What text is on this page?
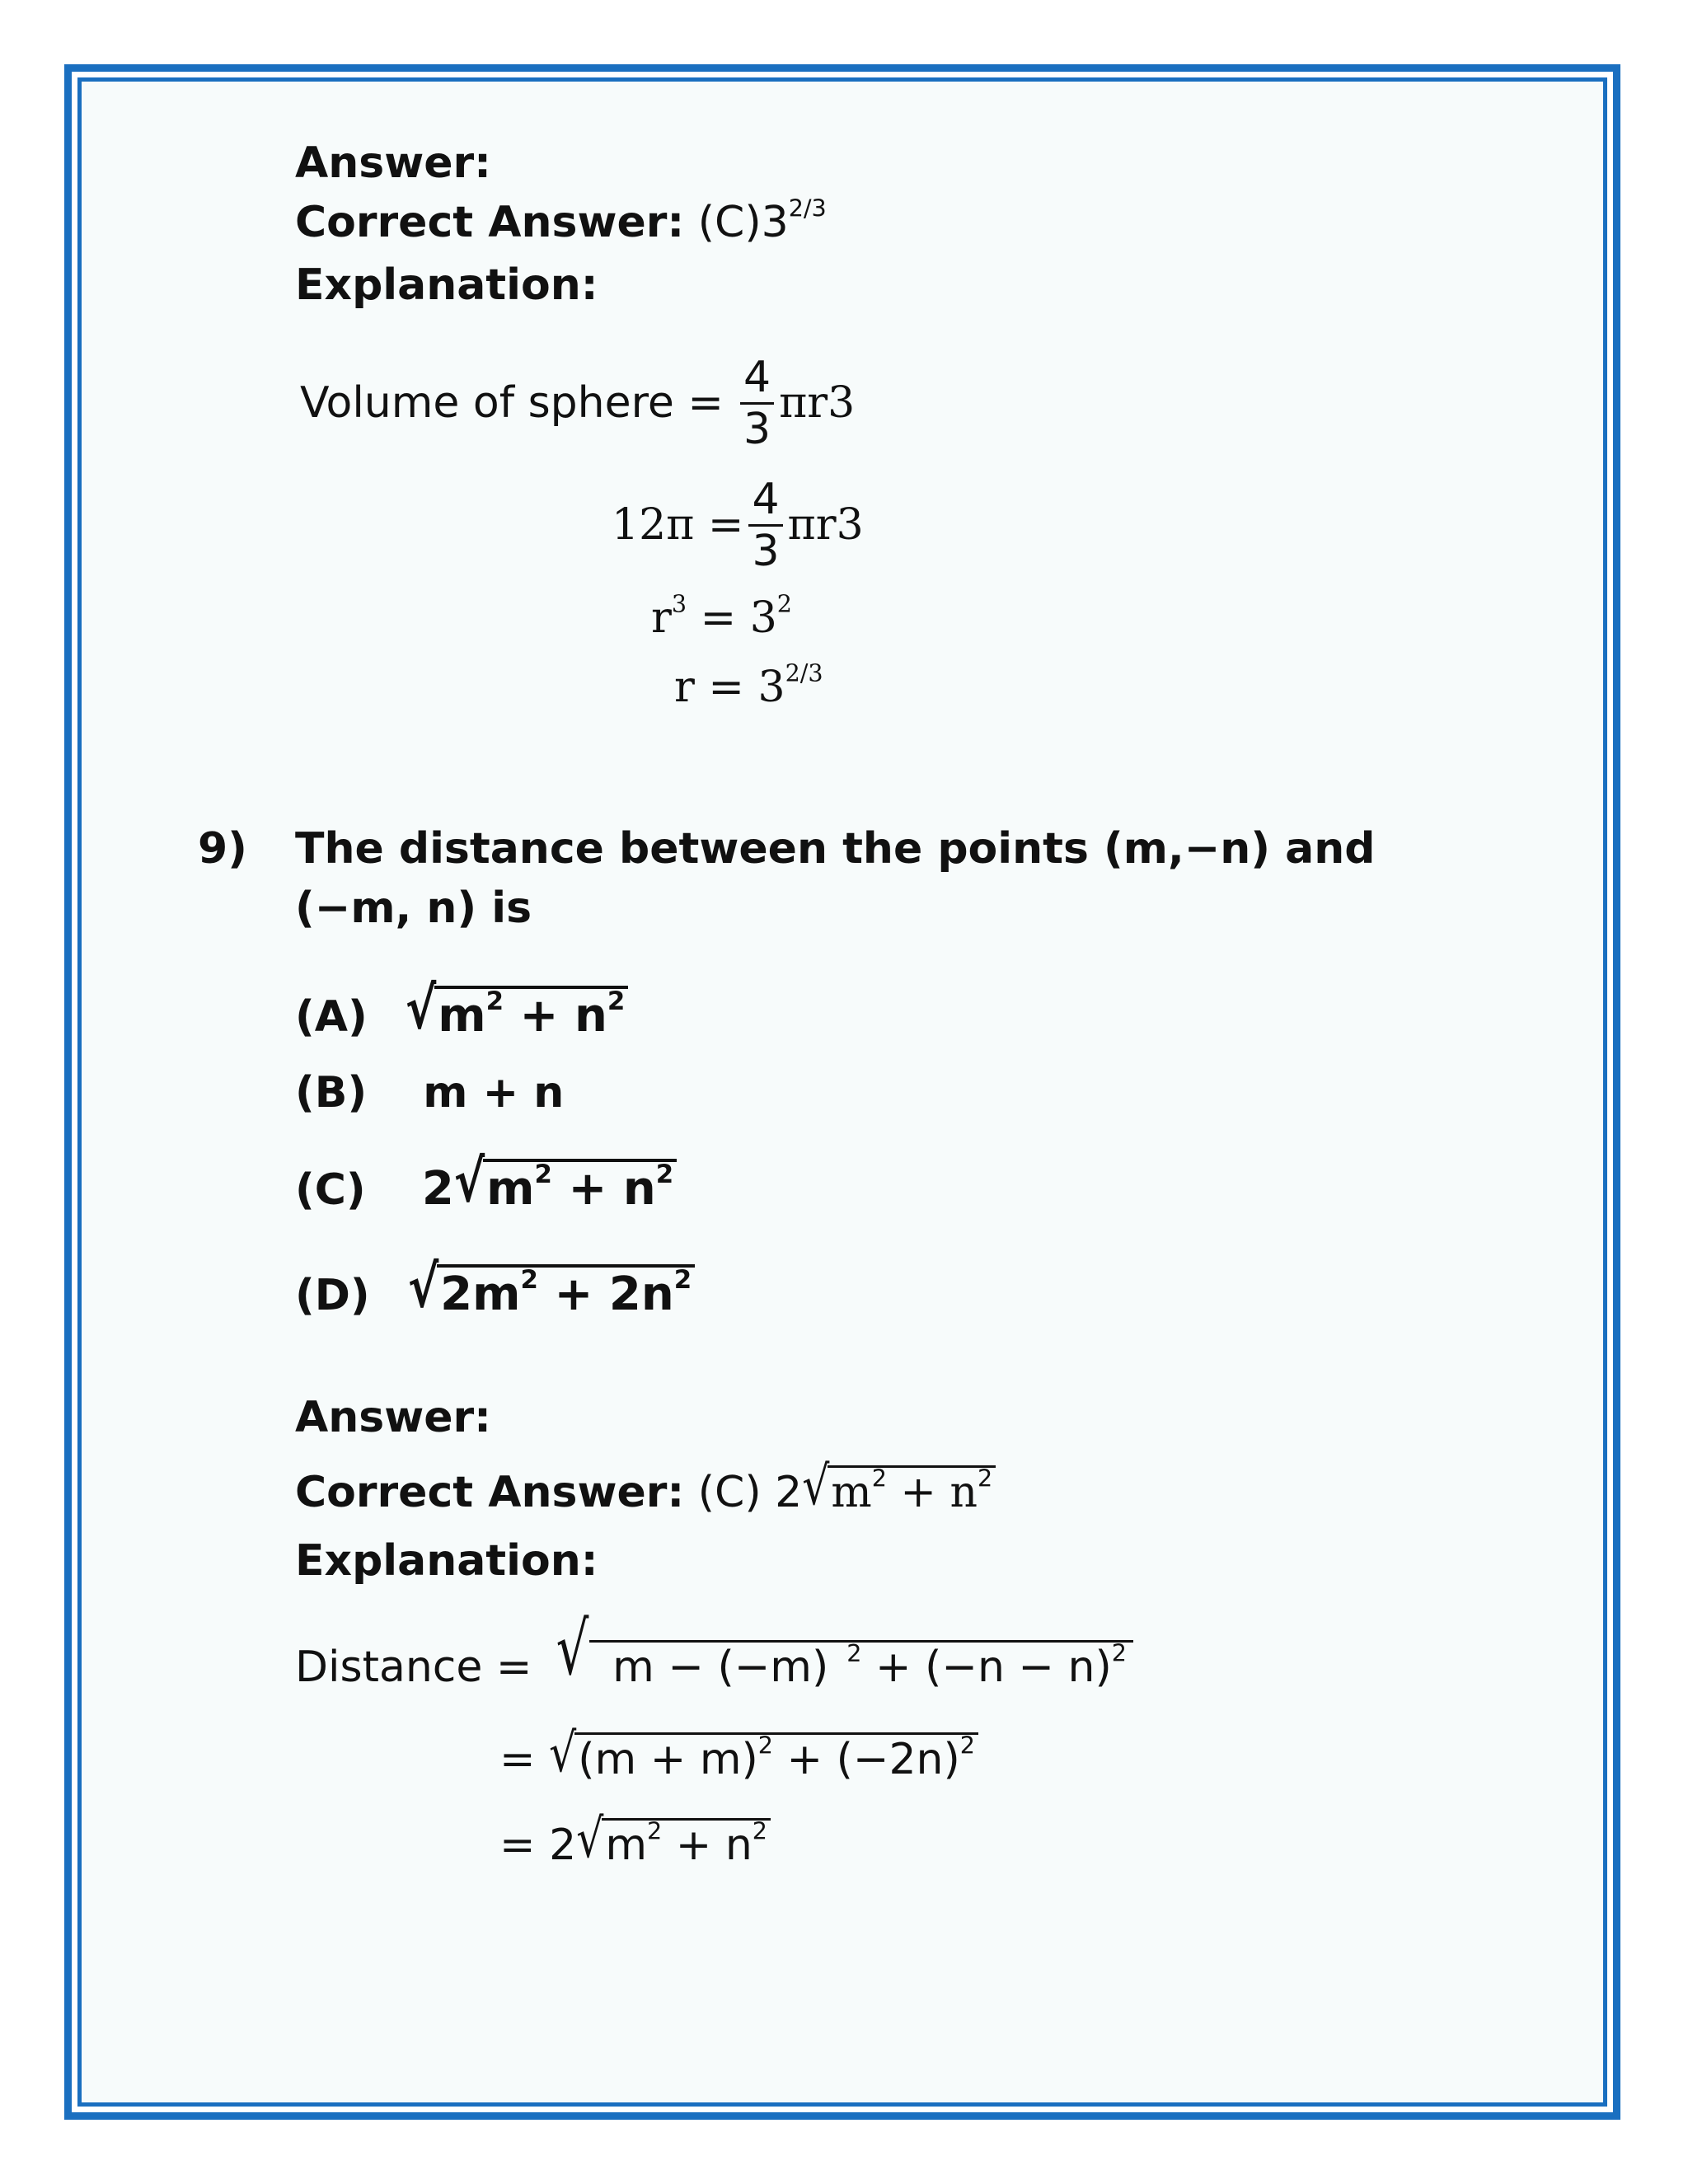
Answer:
Correct Answer: $(C)3^{2/3}$
Explanation:
Volume of sphere = $\frac{4}{3}$ πr 3
$12\pi = \frac{4}{3}$ πr 3
$r^3 = 3^2$
$r = 3^{2/3}$
9) The distance between the points (m,−n) and
(−m, n) is
(A) $√m^2 + n^2$
(B) m + n
(C) $2√m^2 + n^2$
(D) $√2m^2 + 2n^2$
Answer:
Correct Answer: (C) $2√m^2 + n^2$
Explanation:
Distance = √ m − (−m) $^2 + (-n - n)^2$
= $√(m + m)^2 + (-2n)^2$
= $2√m^2 + n^2$
